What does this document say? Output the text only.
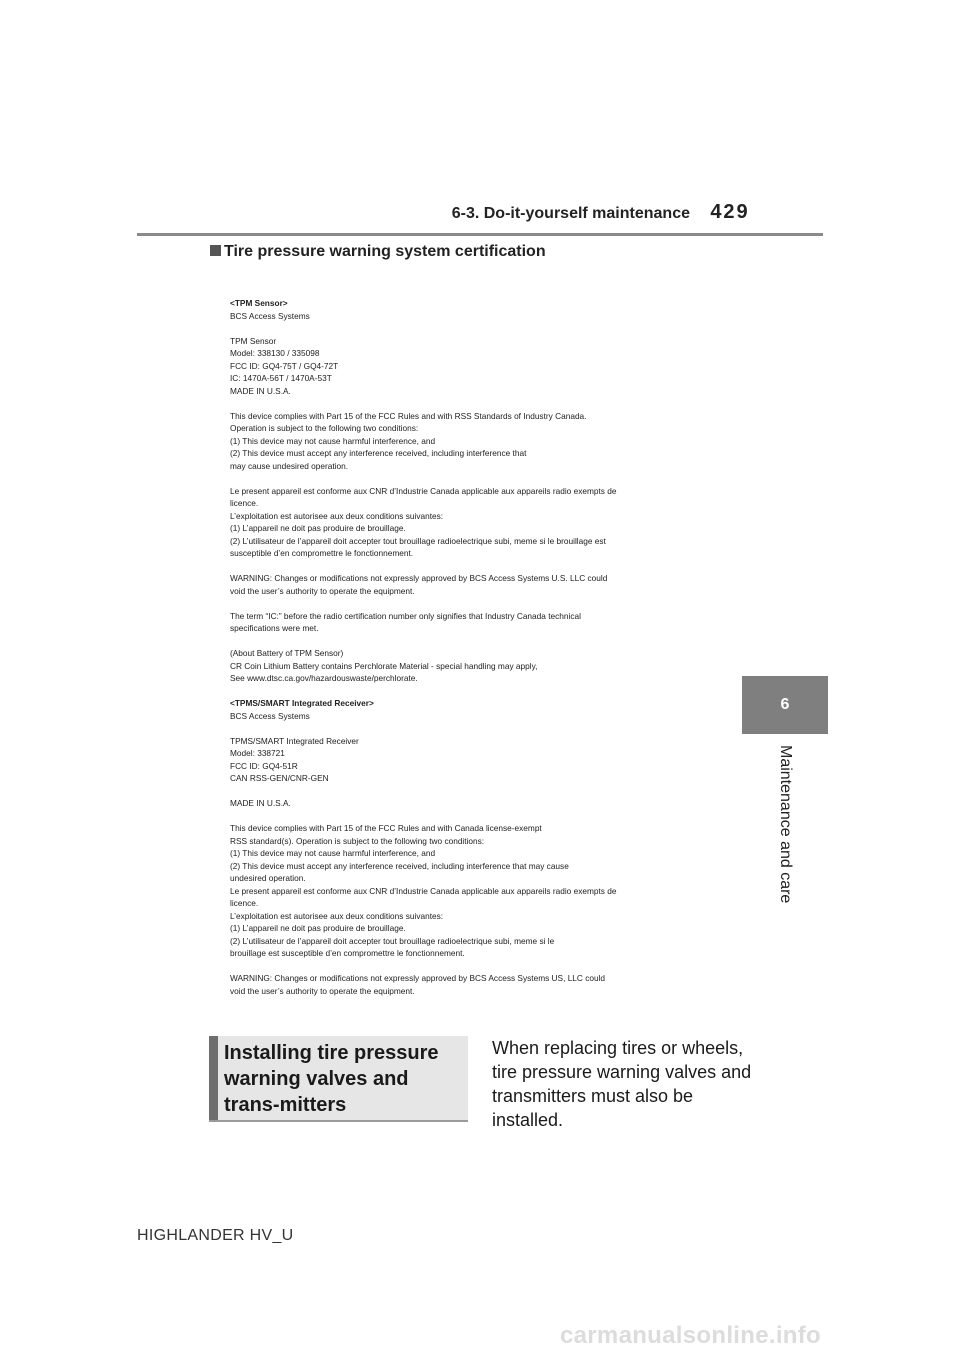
6-3. Do-it-yourself maintenance	429
6
Maintenance and care
Tire pressure warning system certification
<TPM Sensor>
BCS Access Systems
TPM Sensor
Model: 338130 / 335098
FCC ID: GQ4-75T / GQ4-72T
IC: 1470A-56T / 1470A-53T
MADE IN U.S.A.
This device complies with Part 15 of the FCC Rules and with RSS Standards of Industry Canada.
Operation is subject to the following two conditions:
(1) This device may not cause harmful interference, and
(2) This device must accept any interference received, including interference that
may cause undesired operation.
Le present appareil est conforme aux CNR d’Industrie Canada applicable aux appareils radio exempts de
licence.
L’exploitation est autorisee aux deux conditions suivantes:
(1) L’appareil ne doit pas produire de brouillage.
(2) L’utilisateur de l’appareil doit accepter tout brouillage radioelectrique subi, meme si le brouillage est
susceptible d’en compromettre le fonctionnement.
WARNING: Changes or modifications not expressly approved by BCS Access Systems U.S. LLC could
void the user’s authority to operate the equipment.
The term “IC:” before the radio certification number only signifies that Industry Canada technical
specifications were met.
(About Battery of TPM Sensor)
CR Coin Lithium Battery contains Perchlorate Material - special handling may apply,
See www.dtsc.ca.gov/hazardouswaste/perchlorate.
<TPMS/SMART Integrated Receiver>
BCS Access Systems
TPMS/SMART Integrated Receiver
Model: 338721
FCC ID: GQ4-51R
CAN RSS-GEN/CNR-GEN
MADE IN U.S.A.
This device complies with Part 15 of the FCC Rules and with Canada license-exempt
RSS standard(s). Operation is subject to the following two conditions:
(1) This device may not cause harmful interference, and
(2) This device must accept any interference received, including interference that may cause
undesired operation.
Le present appareil est conforme aux CNR d’Industrie Canada applicable aux appareils radio exempts de
licence.
L’exploitation est autorisee aux deux conditions suivantes:
(1) L’appareil ne doit pas produire de brouillage.
(2) L’utilisateur de l’appareil doit accepter tout brouillage radioelectrique subi, meme si le
brouillage est susceptible d’en compromettre le fonctionnement.
WARNING: Changes or modifications not expressly approved by BCS Access Systems US, LLC could
void the user’s authority to operate the equipment.
Installing tire pressure warning valves and trans-mitters
When replacing tires or wheels, tire pressure warning valves and transmitters must also be installed.
HIGHLANDER HV_U
carmanualsonline.info
